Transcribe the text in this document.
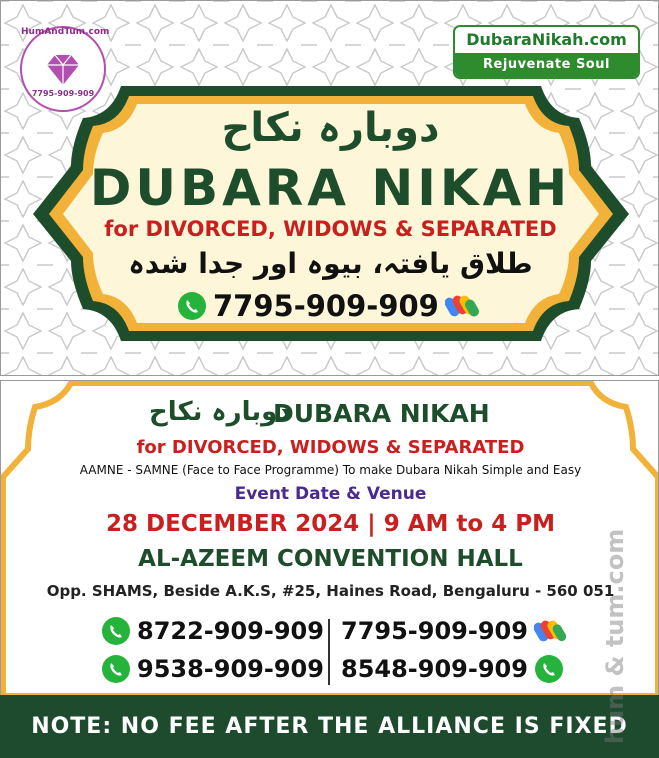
HumAndTum.com
7795-909-909
DubaraNikah.com
Rejuvenate Soul
دوبارہ نکاح
DUBARA NIKAH
for DIVORCED, WIDOWS & SEPARATED
طلاق یافتہ، بیوہ اور جدا شدہ
7795-909-909
دوبارہ نکاح
DUBARA NIKAH
for DIVORCED, WIDOWS & SEPARATED
AAMNE - SAMNE (Face to Face Programme) To make Dubara Nikah Simple and Easy
Event Date & Venue
28 DECEMBER 2024 | 9 AM to 4 PM
AL-AZEEM CONVENTION HALL
Opp. SHAMS, Beside A.K.S, #25, Haines Road, Bengaluru - 560 051
8722-909-909
9538-909-909
7795-909-909
8548-909-909
NOTE: NO FEE AFTER THE ALLIANCE IS FIXED
hum & tum.com
